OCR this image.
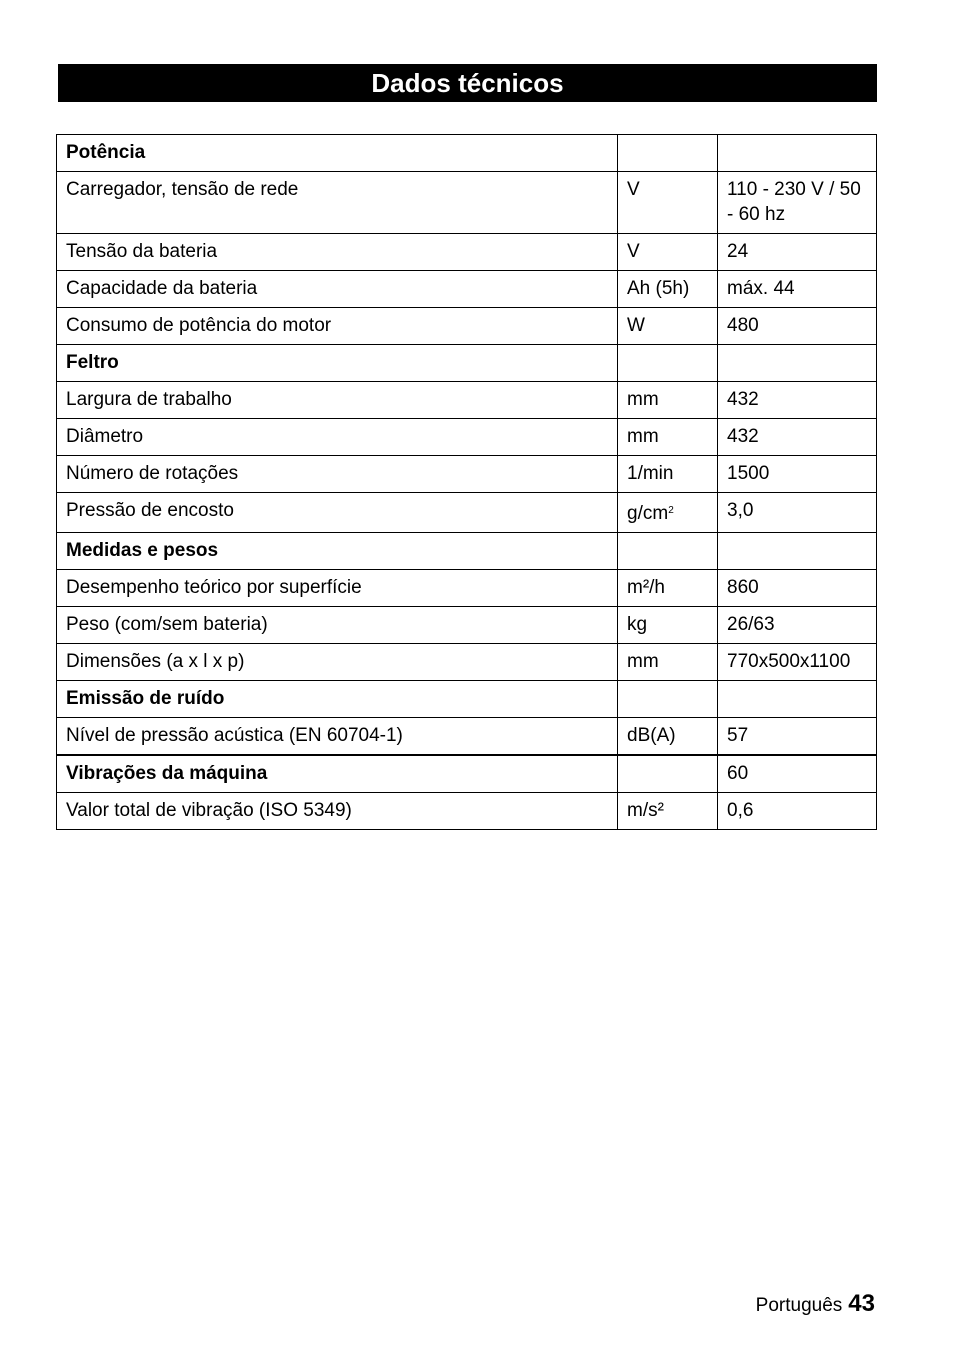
Dados técnicos
Potência		
Carregador, tensão de rede	V	110 - 230 V / 50 - 60 hz
Tensão da bateria	V	24
Capacidade da bateria	Ah (5h)	máx. 44
Consumo de potência do motor	W	480
Feltro		
Largura de trabalho	mm	432
Diâmetro	mm	432
Número de rotações	1/min	1500
Pressão de encosto	$g/cm^2$	3,0
Medidas e pesos		
Desempenho teórico por superfície	m²/h	860
Peso (com/sem bateria)	kg	26/63
Dimensões (a x l x p)	mm	770x500x1100
Emissão de ruído		
Nível de pressão acústica (EN 60704-1)	dB(A)	57
Vibrações da máquina		60
Valor total de vibração (ISO 5349)	m/s²	0,6
Português 43
